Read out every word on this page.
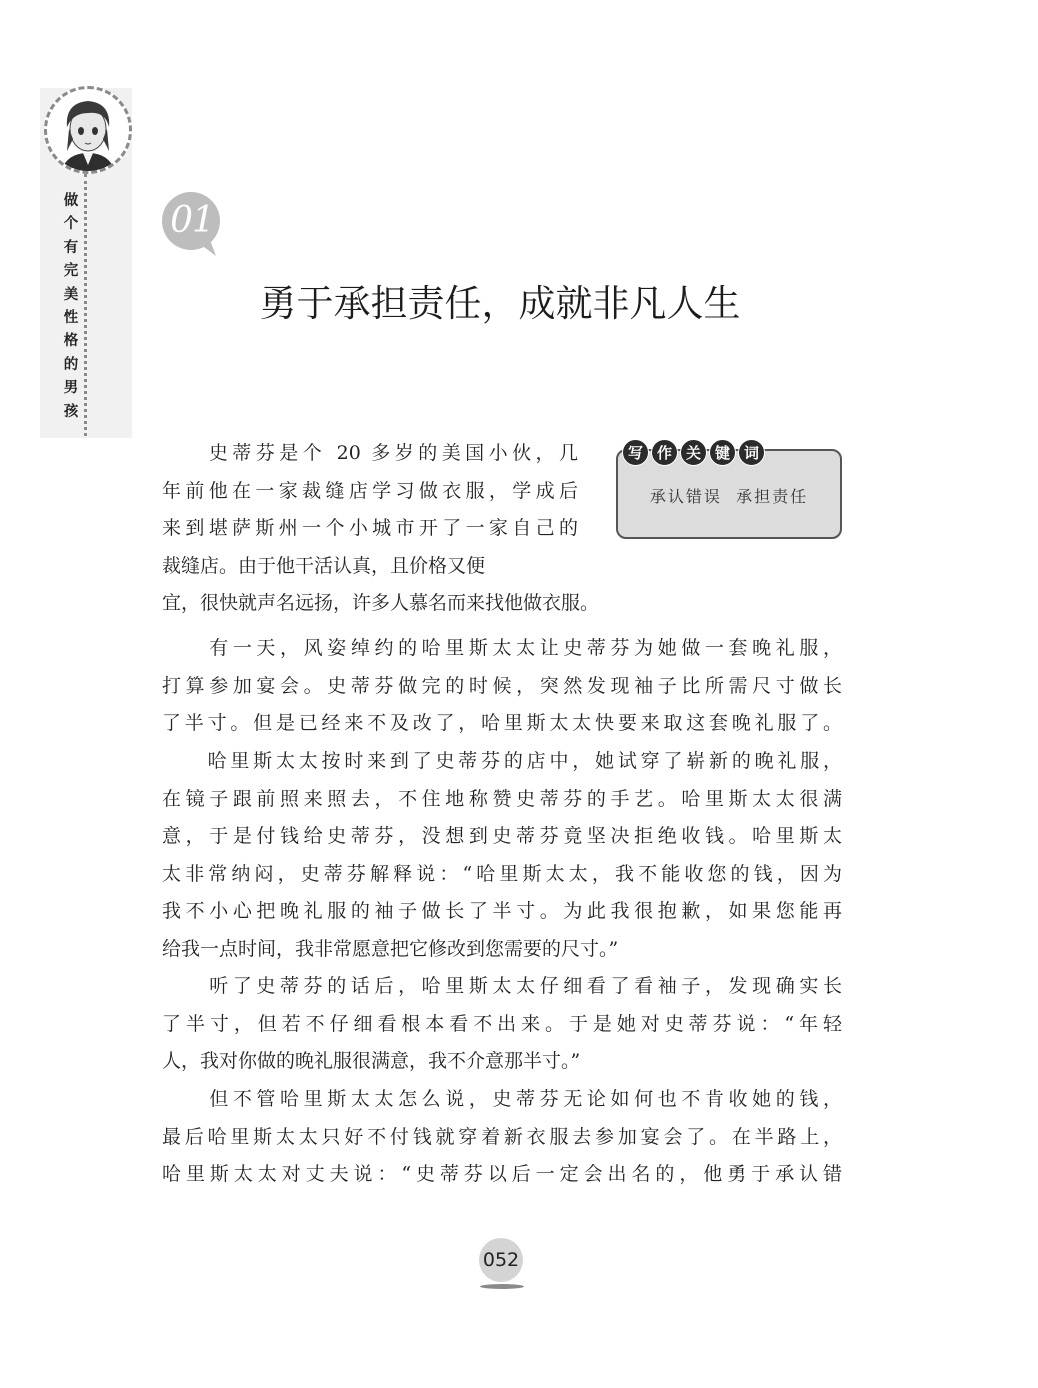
做
个
有
完
美
性
格
的
男
孩
01
勇于承担责任，成就非凡人生
写 作 关 键 词
承认错误  承担责任
　　史蒂芬是个 20 多岁的美国小伙，几
年前他在一家裁缝店学习做衣服，学成后
来到堪萨斯州一个小城市开了一家自己的
裁缝店。由于他干活认真，且价格又便
宜，很快就声名远扬，许多人慕名而来找他做衣服。
　　有一天，风姿绰约的哈里斯太太让史蒂芬为她做一套晚礼服，
打算参加宴会。史蒂芬做完的时候，突然发现袖子比所需尺寸做长
了半寸。但是已经来不及改了，哈里斯太太快要来取这套晚礼服了。
　　哈里斯太太按时来到了史蒂芬的店中，她试穿了崭新的晚礼服，
在镜子跟前照来照去，不住地称赞史蒂芬的手艺。哈里斯太太很满
意，于是付钱给史蒂芬，没想到史蒂芬竟坚决拒绝收钱。哈里斯太
太非常纳闷，史蒂芬解释说：“哈里斯太太，我不能收您的钱，因为
我不小心把晚礼服的袖子做长了半寸。为此我很抱歉，如果您能再
给我一点时间，我非常愿意把它修改到您需要的尺寸。”
　　听了史蒂芬的话后，哈里斯太太仔细看了看袖子，发现确实长
了半寸，但若不仔细看根本看不出来。于是她对史蒂芬说：“年轻
人，我对你做的晚礼服很满意，我不介意那半寸。”
　　但不管哈里斯太太怎么说，史蒂芬无论如何也不肯收她的钱，
最后哈里斯太太只好不付钱就穿着新衣服去参加宴会了。在半路上，
哈里斯太太对丈夫说：“史蒂芬以后一定会出名的，他勇于承认错
052
